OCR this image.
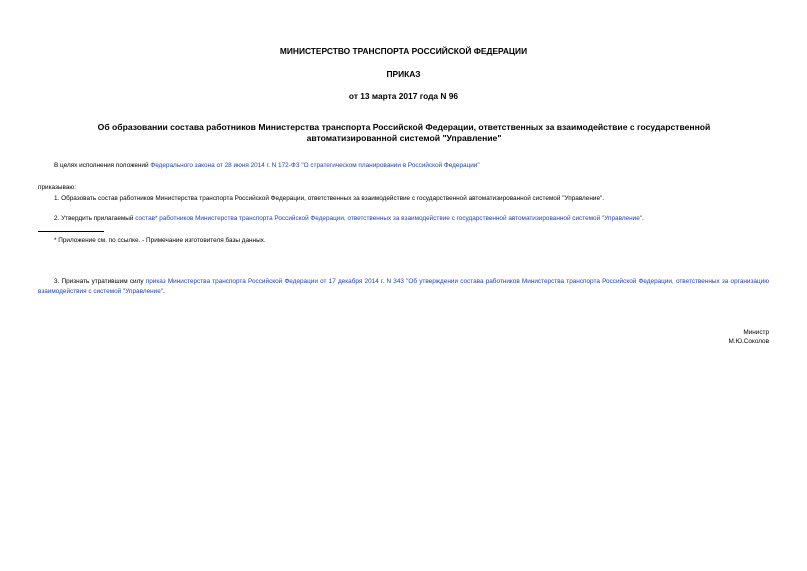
МИНИСТЕРСТВО ТРАНСПОРТА РОССИЙСКОЙ ФЕДЕРАЦИИ
ПРИКАЗ
от 13 марта 2017 года N 96
Об образовании состава работников Министерства транспорта Российской Федерации, ответственных за взаимодействие с государственной
автоматизированной системой "Управление"
В целях исполнения положений Федерального закона от 28 июня 2014 г. N 172-ФЗ "О стратегическом планировании в Российской Федерации"
приказываю:
1. Образовать состав работников Министерства транспорта Российской Федерации, ответственных за взаимодействие с государственной автоматизированной системой "Управление".
2. Утвердить прилагаемый состав* работников Министерства транспорта Российской Федерации, ответственных за взаимодействие с государственной автоматизированной системой "Управление".
* Приложение см. по ссылке. - Примечание изготовителя базы данных.
3. Признать утратившим силу приказ Министерства транспорта Российской Федерации от 17 декабря 2014 г. N 343 "Об утверждении состава работников Министерства транспорта Российской Федерации, ответственных за организацию взаимодействия с системой "Управление".
Министр
М.Ю.Соколов
